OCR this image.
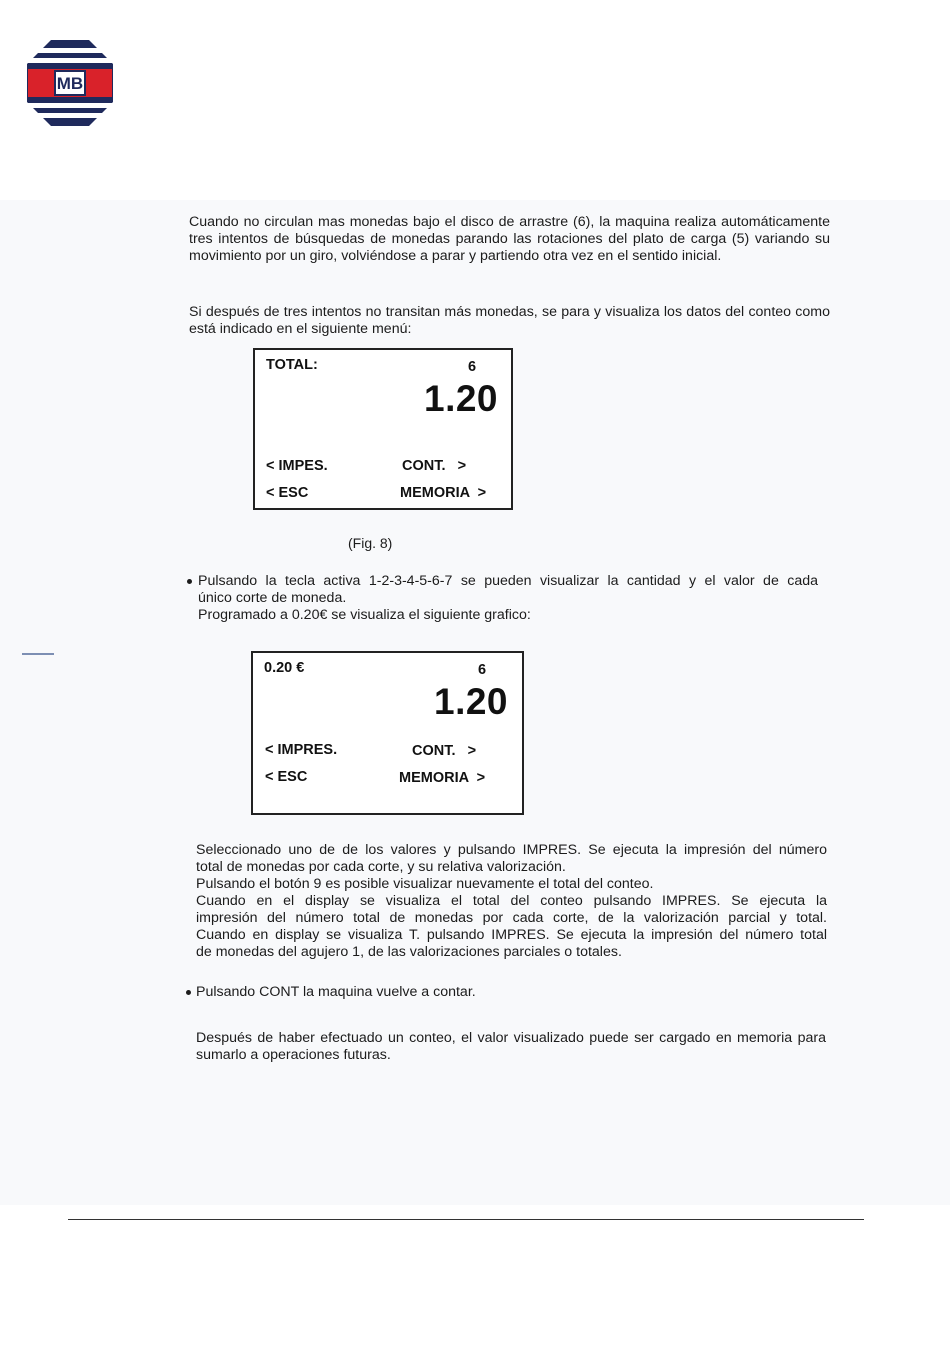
MB

Cuando no circulan mas monedas bajo el disco de arrastre (6), la maquina realiza automáticamente tres intentos de búsquedas de monedas parando las rotaciones del plato de carga (5) variando su movimiento por un giro, volviéndose a parar y partiendo otra vez en el sentido inicial.

Si después de tres intentos no transitan más monedas, se para y visualiza los datos del conteo como está indicado en el siguiente menú:

TOTAL:	6
1.20
< IMPES.	CONT.   >
< ESC	MEMORIA  >
(Fig. 8)
Pulsando la tecla activa 1-2-3-4-5-6-7 se pueden visualizar la cantidad y el valor de cada
único corte de moneda.
Programado a 0.20€ se visualiza el siguiente grafico:
0.20 €	6
1.20
< IMPRES.	CONT.   >
< ESC	MEMORIA  >
Seleccionado uno de de los valores y pulsando IMPRES. Se ejecuta la impresión del número
total de monedas por cada corte, y su relativa valorización.
Pulsando el botón 9 es posible visualizar nuevamente el total del conteo.
Cuando en el display se visualiza el total del conteo pulsando IMPRES. Se ejecuta la
impresión del número total de monedas por cada corte, de la valorización parcial y total.
Cuando en display se visualiza T. pulsando IMPRES. Se ejecuta la impresión del número total
de monedas del agujero 1, de las valorizaciones parciales o totales.

Pulsando CONT la maquina vuelve a contar.

Después de haber efectuado un conteo, el valor visualizado puede ser cargado en memoria para sumarlo a operaciones futuras.
